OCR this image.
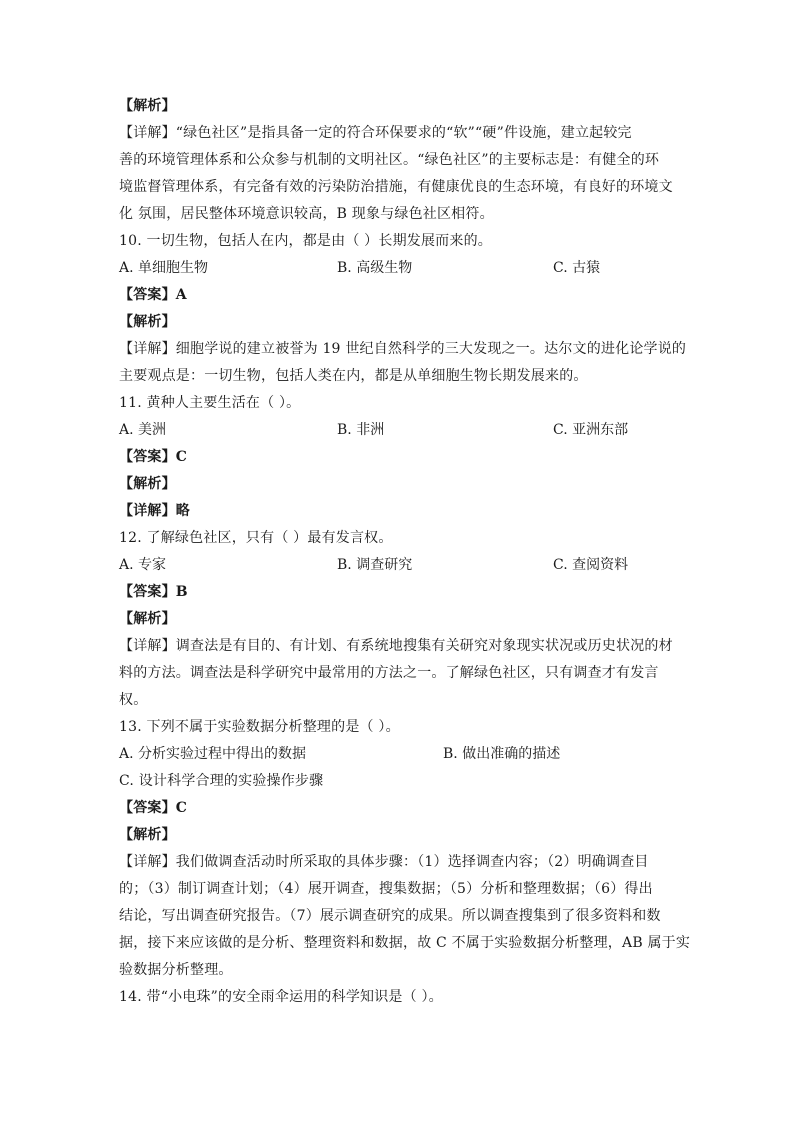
【解析】
【详解】“绿色社区”是指具备一定的符合环保要求的“软”“硬”件设施，建立起较完
善的环境管理体系和公众参与机制的文明社区。“绿色社区”的主要标志是：有健全的环
境监督管理体系，有完备有效的污染防治措施，有健康优良的生态环境，有良好的环境文
化 氛围，居民整体环境意识较高，B 现象与绿色社区相符。
10. 一切生物，包括人在内，都是由（ ）长期发展而来的。
A. 单细胞生物	B. 高级生物	C. 古猿
【答案】A
【解析】
【详解】细胞学说的建立被誉为 19 世纪自然科学的三大发现之一。达尔文的进化论学说的
主要观点是：一切生物，包括人类在内，都是从单细胞生物长期发展来的。
11. 黄种人主要生活在（ ）。
A. 美洲	B. 非洲	C. 亚洲东部
【答案】C
【解析】
【详解】略
12. 了解绿色社区，只有（ ）最有发言权。
A. 专家	B. 调查研究	C. 查阅资料
【答案】B
【解析】
【详解】调查法是有目的、有计划、有系统地搜集有关研究对象现实状况或历史状况的材
料的方法。调查法是科学研究中最常用的方法之一。了解绿色社区，只有调查才有发言
权。
13. 下列不属于实验数据分析整理的是（ ）。
A. 分析实验过程中得出的数据	B. 做出准确的描述
C. 设计科学合理的实验操作步骤
【答案】C
【解析】
【详解】我们做调查活动时所采取的具体步骤：（1）选择调查内容；（2）明确调查目
的；（3）制订调查计划；（4）展开调查，搜集数据；（5）分析和整理数据；（6）得出
结论，写出调查研究报告。（7）展示调查研究的成果。所以调查搜集到了很多资料和数
据，接下来应该做的是分析、整理资料和数据，故 C 不属于实验数据分析整理，AB 属于实
验数据分析整理。
14. 带“小电珠”的安全雨伞运用的科学知识是（ ）。
